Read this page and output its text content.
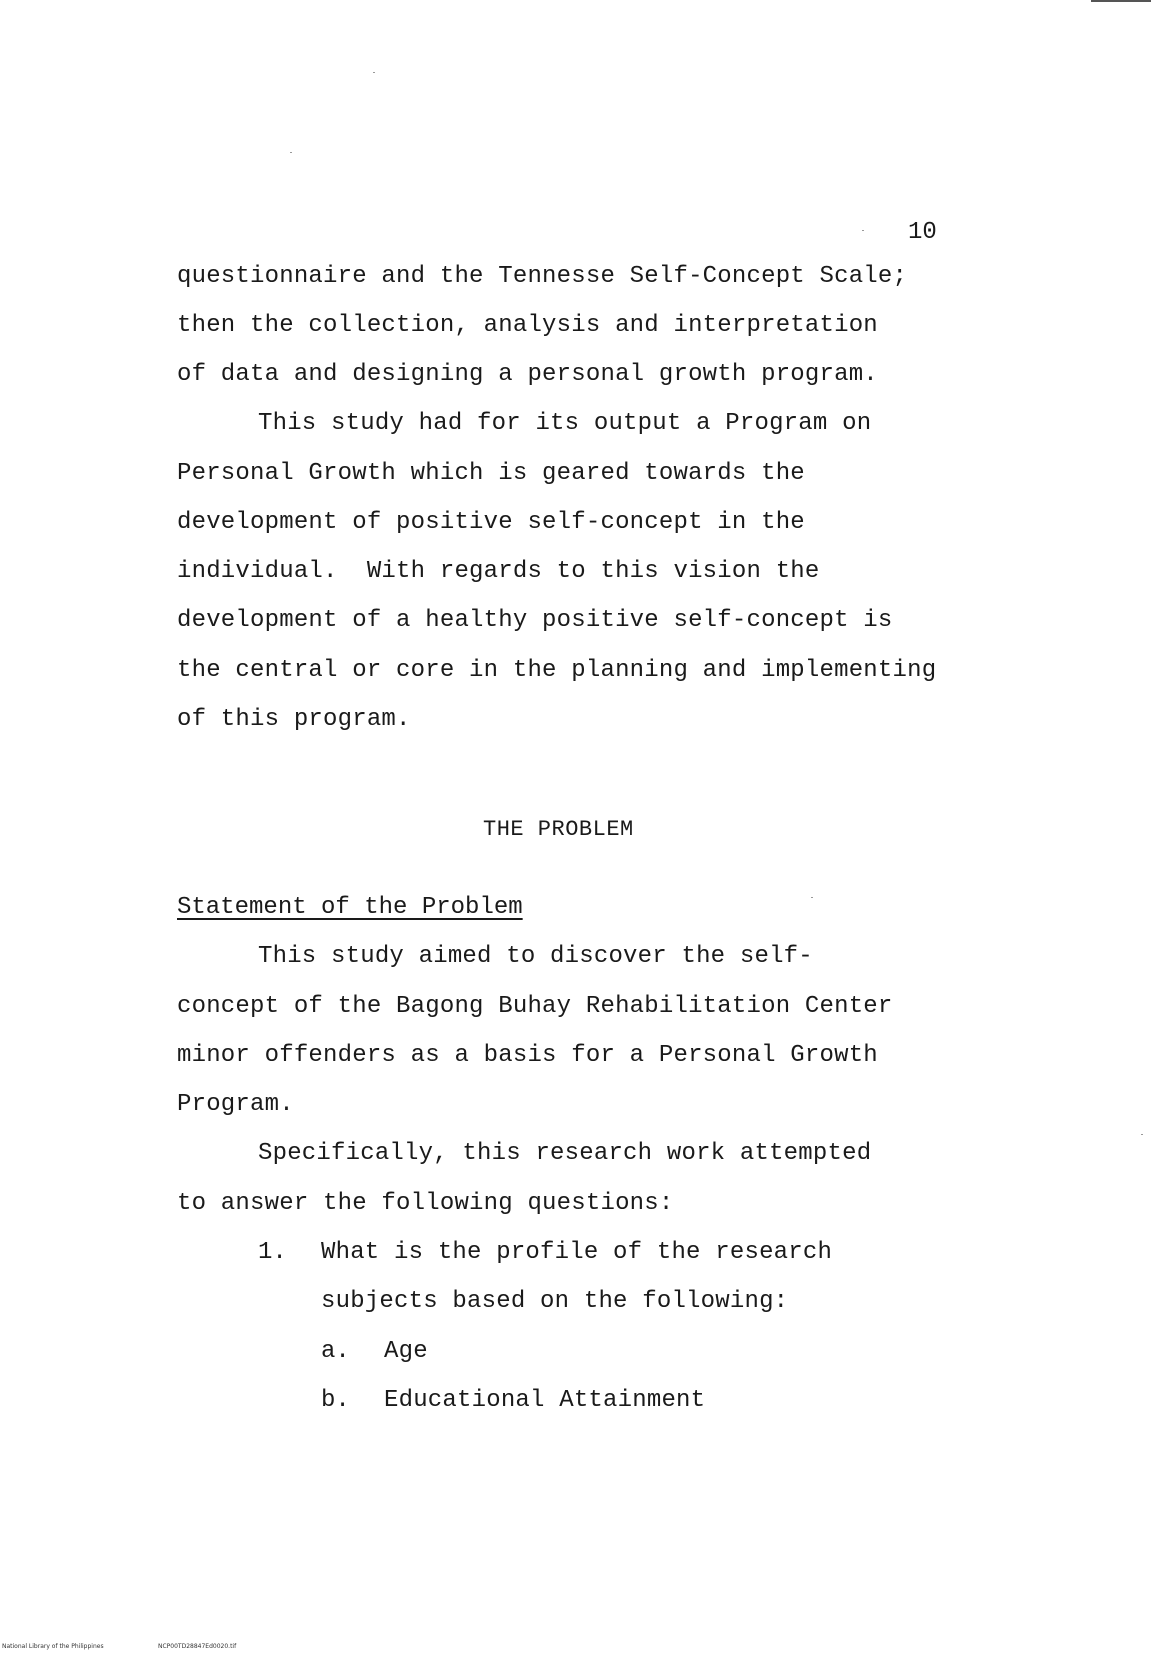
10
questionnaire and the Tennesse Self-Concept Scale;
then the collection, analysis and interpretation
of data and designing a personal growth program.
This study had for its output a Program on
Personal Growth which is geared towards the
development of positive self-concept in the
individual.  With regards to this vision the
development of a healthy positive self-concept is
the central or core in the planning and implementing
of this program.
THE PROBLEM
Statement of the Problem
This study aimed to discover the self-
concept of the Bagong Buhay Rehabilitation Center
minor offenders as a basis for a Personal Growth
Program.
Specifically, this research work attempted
to answer the following questions:
1. What is the profile of the research
subjects based on the following:
a. Age
b. Educational Attainment
National Library of the Philippines	NCP00TD28847Ed0020.tif
